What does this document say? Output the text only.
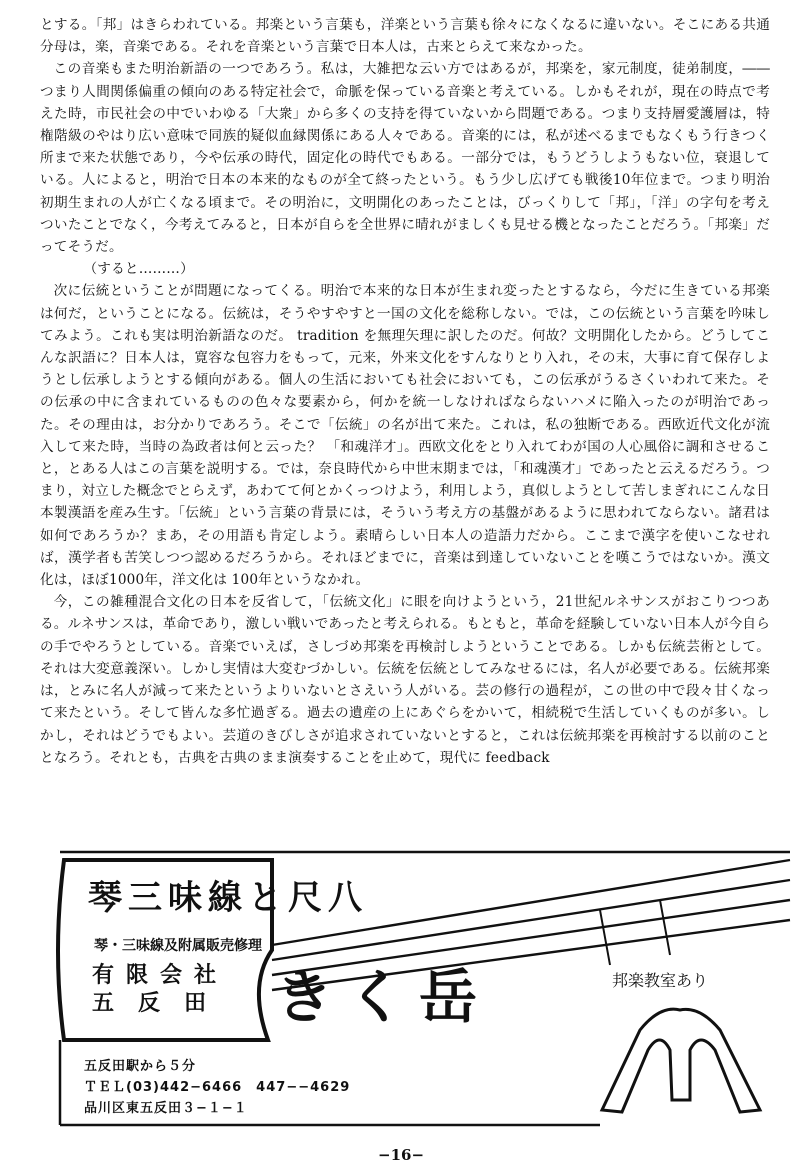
とする。「邦」はきらわれている。邦楽という言葉も，洋楽という言葉も徐々になくなるに違いない。そこにある共通分母は，楽，音楽である。それを音楽という言葉で日本人は，古来とらえて来なかった。

この音楽もまた明治新語の一つであろう。私は，大雑把な云い方ではあるが，邦楽を，家元制度，徒弟制度，――つまり人間関係偏重の傾向のある特定社会で，命脈を保っている音楽と考えている。しかもそれが，現在の時点で考えた時，市民社会の中でいわゆる「大衆」から多くの支持を得ていないから問題である。つまり支持層愛護層は，特権階級のやはり広い意味で同族的疑似血縁関係にある人々である。音楽的には，私が述べるまでもなくもう行きつく所まで来た状態であり，今や伝承の時代，固定化の時代でもある。一部分では，もうどうしようもない位，衰退している。人によると，明治で日本の本来的なものが全て終ったという。もう少し広げても戦後10年位まで。つまり明治初期生まれの人が亡くなる頃まで。その明治に，文明開化のあったことは，びっくりして「邦」，「洋」の字句を考えついたことでなく，今考えてみると，日本が自らを全世界に晴れがましくも見せる機となったことだろう。「邦楽」だってそうだ。

（すると………）

次に伝統ということが問題になってくる。明治で本来的な日本が生まれ変ったとするなら，今だに生きている邦楽は何だ，ということになる。伝統は，そうやすやすと一国の文化を総称しない。では，この伝統という言葉を吟味してみよう。これも実は明治新語なのだ。 tradition を無理矢理に訳したのだ。何故？文明開化したから。どうしてこんな訳語に？日本人は，寛容な包容力をもって，元来，外来文化をすんなりとり入れ，その末，大事に育て保存しようとし伝承しようとする傾向がある。個人の生活においても社会においても，この伝承がうるさくいわれて来た。その伝承の中に含まれているものの色々な要素から，何かを統一しなければならないハメに陥入ったのが明治であった。その理由は，お分かりであろう。そこで「伝統」の名が出て来た。これは，私の独断である。西欧近代文化が流入して来た時，当時の為政者は何と云った？ 「和魂洋才」。西欧文化をとり入れてわが国の人心風俗に調和させること，とある人はこの言葉を説明する。では，奈良時代から中世末期までは，「和魂漢才」であったと云えるだろう。つまり，対立した概念でとらえず，あわてて何とかくっつけよう，利用しよう，真似しようとして苦しまぎれにこんな日本製漢語を産み生す。「伝統」という言葉の背景には，そういう考え方の基盤があるように思われてならない。諸君は如何であろうか？まあ，その用語も肯定しよう。素晴らしい日本人の造語力だから。ここまで漢字を使いこなせれば，漢学者も苦笑しつつ認めるだろうから。それほどまでに，音楽は到達していないことを嘆こうではないか。漢文化は，ほぼ1000年，洋文化は 100年というなかれ。

今，この雑種混合文化の日本を反省して，「伝統文化」に眼を向けようという，21世紀ルネサンスがおこりつつある。ルネサンスは，革命であり，激しい戦いであったと考えられる。もともと，革命を経験していない日本人が今自らの手でやろうとしている。音楽でいえば，さしづめ邦楽を再検討しようということである。しかも伝統芸術として。それは大変意義深い。しかし実情は大変むづかしい。伝統を伝統としてみなせるには，名人が必要である。伝統邦楽は，とみに名人が減って来たというよりいないとさえいう人がいる。芸の修行の過程が，この世の中で段々甘くなって来たという。そして皆んな多忙過ぎる。過去の遺産の上にあぐらをかいて，相続税で生活していくものが多い。しかし，それはどうでもよい。芸道のきびしさが追求されていないとすると，これは伝統邦楽を再検討する以前のこととなろう。それとも，古典を古典のまま演奏することを止めて，現代に feedback

琴三味線と尺八
琴・三味線及附属販売修理
有限会社
五反田 きく岳	邦楽教室あり
五反田駅から５分
ＴＥＬ(03)442−6466　447−−4629
品川区東五反田３−１−１
−16−
